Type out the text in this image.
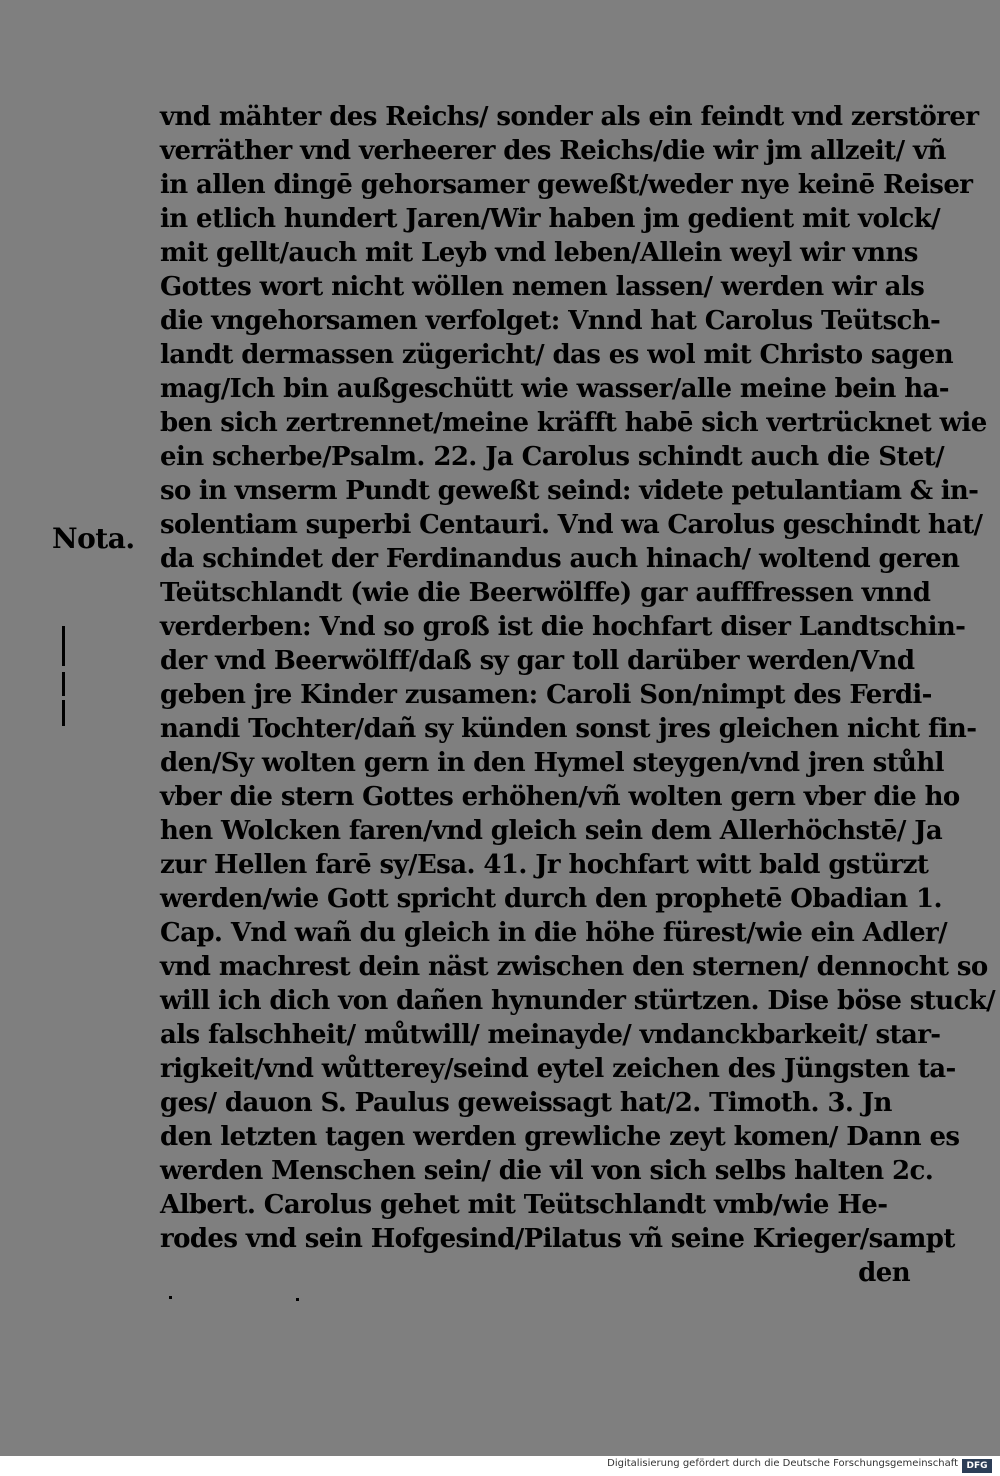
vnd mähter des Reichs/ sonder als ein feindt vnd zerstörer
verräther vnd verheerer des Reichs/die wir jm allzeit/ vñ
in allen dingē gehorsamer geweßt/weder nye keinē Reiser
in etlich hundert Jaren/Wir haben jm gedient mit volck/
mit gellt/auch mit Leyb vnd leben/Allein weyl wir vnns
Gottes wort nicht wöllen nemen lassen/ werden wir als
die vngehorsamen verfolget: Vnnd hat Carolus Teütsch-
landt dermassen zügericht/ das es wol mit Christo sagen
mag/Ich bin außgeschütt wie wasser/alle meine bein ha-
ben sich zertrennet/meine kräfft habē sich vertrücknet wie
ein scherbe/Psalm. 22. Ja Carolus schindt auch die Stet/
so in vnserm Pundt geweßt seind: videte petulantiam & in-
solentiam superbi Centauri. Vnd wa Carolus geschindt hat/
da schindet der Ferdinandus auch hinach/ woltend geren
Teütschlandt (wie die Beerwölffe) gar aufffressen vnnd
verderben: Vnd so groß ist die hochfart diser Landtschin-
der vnd Beerwölff/daß sy gar toll darüber werden/Vnd
geben jre Kinder zusamen: Caroli Son/nimpt des Ferdi-
nandi Tochter/dañ sy künden sonst jres gleichen nicht fin-
den/Sy wolten gern in den Hymel steygen/vnd jren stůhl
vber die stern Gottes erhöhen/vñ wolten gern vber die ho
hen Wolcken faren/vnd gleich sein dem Allerhöchstē/ Ja
zur Hellen farē sy/Esa. 41. Jr hochfart witt bald gstürzt
werden/wie Gott spricht durch den prophetē Obadian 1.
Cap. Vnd wañ du gleich in die höhe fürest/wie ein Adler/
vnd machrest dein näst zwischen den sternen/ dennocht so
will ich dich von dañen hynunder stürtzen. Dise böse stuck/
als falschheit/ můtwill/ meinayde/ vndanckbarkeit/ star-
rigkeit/vnd wůtterey/seind eytel zeichen des Jüngsten ta-
ges/ dauon S. Paulus geweissagt hat/2. Timoth. 3. Jn
den letzten tagen werden grewliche zeyt komen/ Dann es
werden Menschen sein/ die vil von sich selbs halten 2c.
Albert. Carolus gehet mit Teütschlandt vmb/wie He-
rodes vnd sein Hofgesind/Pilatus vñ seine Krieger/sampt
den
Nota.
Digitalisierung gefördert durch die Deutsche Forschungsgemeinschaft DFG
